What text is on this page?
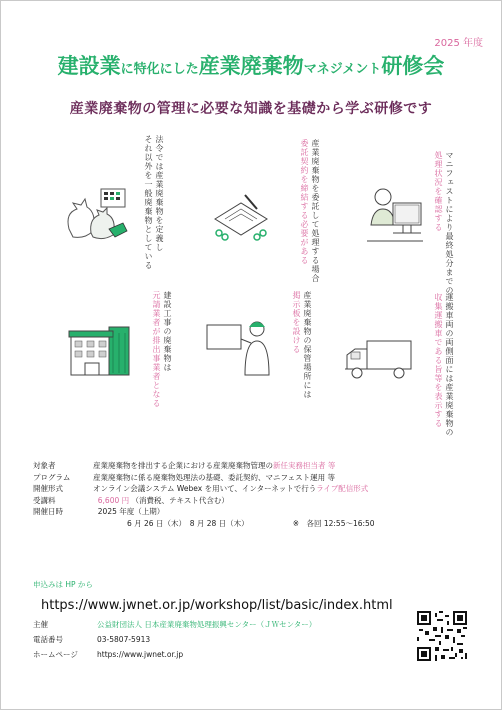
2025 年度
建設業に特化にした産業廃棄物マネジメント研修会
産業廃棄物の管理に必要な知識を基礎から学ぶ研修です
法令では産業廃棄物を定義し
それ以外を一般廃棄物としている	産業廃棄物を委託して処理する場合
委託契約を締結する必要がある	マニフェストにより最終処分までの
処理状況を確認する
建設工事の廃棄物は
元請業者が排出事業者となる	産業廃棄物の保管場所には
掲示板を設ける	運搬車両の両側面には産業廃棄物の
収集運搬車である旨等を表示する
対象者	産業廃棄物を排出する企業における産業廃棄物管理の新任実務担当者 等
プログラム	産業廃棄物に係る廃棄物処理法の基礎、委託契約、マニフェスト運用 等
開催形式	オンライン会議システム Webex を用いて、インターネットで行うライブ配信形式
受講料	6,600 円 （消費税、テキスト代含む）
開催日時	2025 年度（上期）
6 月 26 日（木）　8 月 28 日（木）	※　各回 12:55～16:50
申込みは HP から
https://www.jwnet.or.jp/workshop/list/basic/index.html
主催	公益財団法人 日本産業廃棄物処理振興センター（ＪＷセンター）
電話番号	03-5807-5913
ホームページ	https://www.jwnet.or.jp
